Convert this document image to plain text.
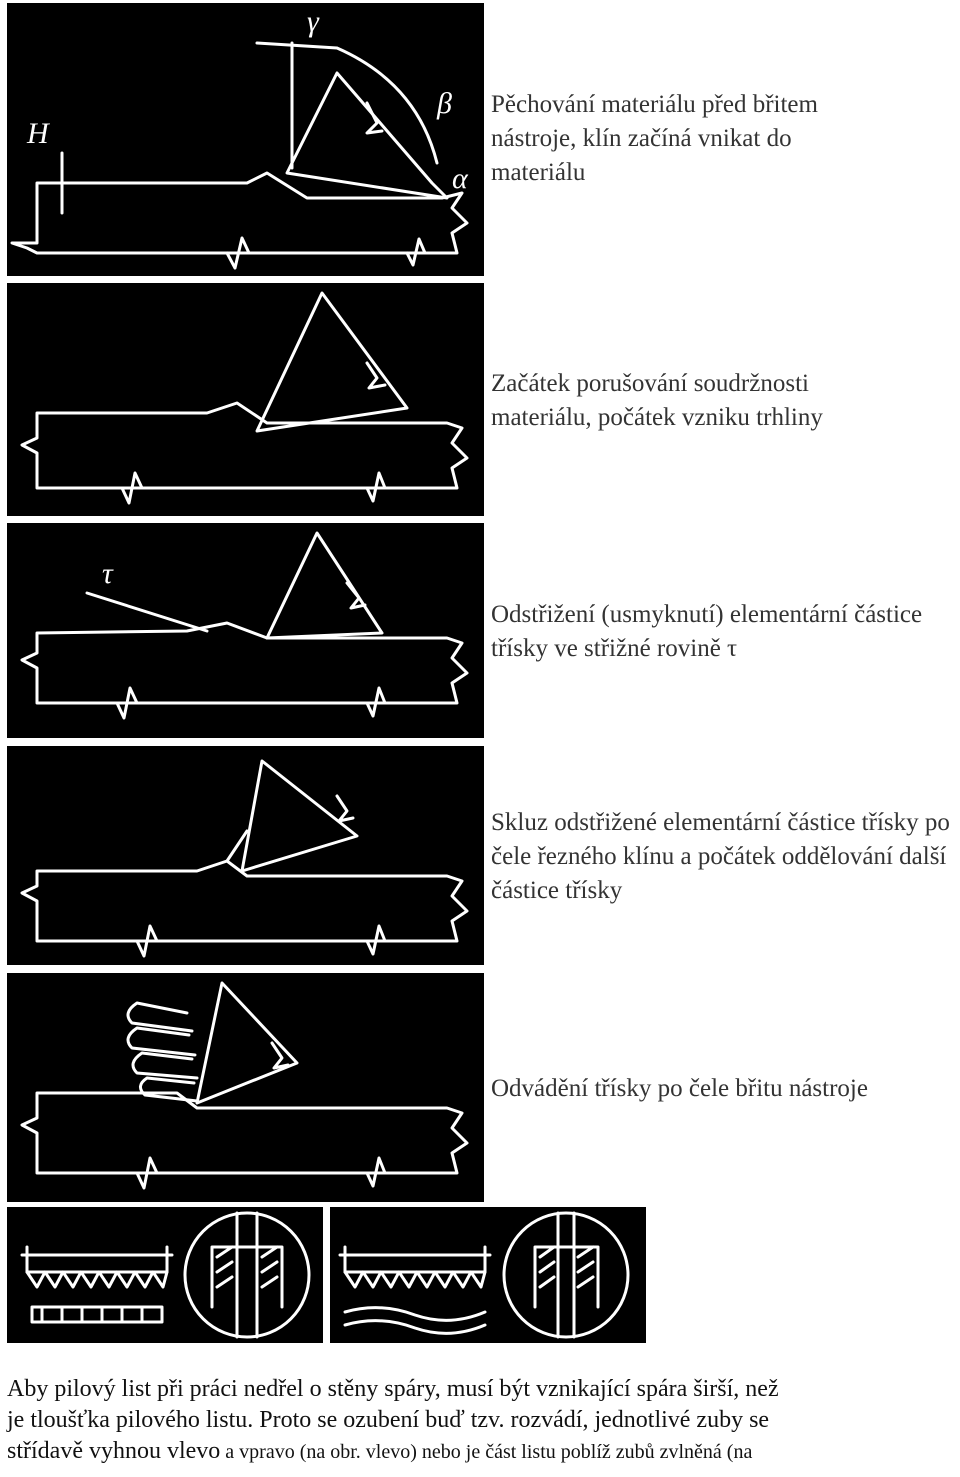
γ
β
α
H
Pěchování materiálu před břitem nástroje, klín začíná vnikat do materiálu
Začátek porušování soudržnosti materiálu, počátek vzniku trhliny
τ
Odstřižení (usmyknutí) elementární částice třísky ve střižné rovině τ
Skluz odstřižené elementární částice třísky po čele řezného klínu a počátek oddělování další částice třísky
Odvádění třísky po čele břitu nástroje
Aby pilový list při práci nedřel o stěny spáry, musí být vznikající spára širší, než
je tloušťka pilového listu. Proto se ozubení buď tzv. rozvádí, jednotlivé zuby se
střídavě vyhnou vlevo a vpravo (na obr. vlevo) nebo je část listu poblíž zubů zvlněná (na
